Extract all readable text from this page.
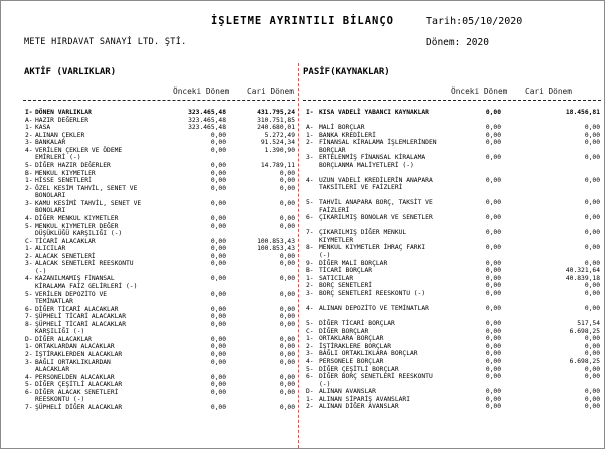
İŞLETME AYRINTILI BİLANÇO	Tarih:05/10/2020
METE HIRDAVAT SANAYİ LTD. ŞTİ.	Dönem: 2020
AKTİF (VARLIKLAR)	PASİF(KAYNAKLAR)
Önceki Dönem Cari Dönem	Önceki Dönem Cari Dönem
I- DÖNEN VARLIKLAR	323.465,48	431.795,24
A- HAZIR DEĞERLER	323.465,48	310.751,85
1- KASA	323.465,48	240.680,01
2- ALINAN ÇEKLER	0,00	5.272,49
3- BANKALAR	0,00	91.524,34
4- VERİLEN ÇEKLER VE ÖDEME EMİRLERİ (-)
0,00	1.390,90
5- DİĞER HAZIR DEĞERLER	0,00	14.789,11
B- MENKUL KIYMETLER	0,00	0,00
1- HİSSE SENETLERİ	0,00	0,00
2- ÖZEL KESİM TAHVİL, SENET VE BONOLARI
0,00	0,00
3- KAMU KESİMİ TAHVİL, SENET VE BONOLARI
0,00	0,00
4- DİĞER MENKUL KIYMETLER	0,00	0,00
5- MENKUL KIYMETLER DEĞER DÜŞÜKLÜĞÜ KARŞILIĞI (-)
0,00	0,00
C- TİCARİ ALACAKLAR	0,00	100.853,43
1- ALICILAR	0,00	100.853,43
2- ALACAK SENETLERİ	0,00	0,00
3- ALACAK SENETLERİ REESKONTU (-)
0,00	0,00
4- KAZANILMAMIŞ FİNANSAL KİRALAMA FAİZ GELİRLERİ (-)
0,00	0,00
5- VERİLEN DEPOZİTO VE TEMİNATLAR
0,00	0,00
6- DİĞER TİCARİ ALACAKLAR	0,00	0,00
7- ŞÜPHELİ TİCARİ ALACAKLAR	0,00	0,00
8- ŞÜPHELİ TİCARİ ALACAKLAR KARŞILIĞI (-)
0,00	0,00
D- DİĞER ALACAKLAR	0,00	0,00
1- ORTAKLARDAN ALACAKLAR	0,00	0,00
2- İŞTİRAKLERDEN ALACAKLAR	0,00	0,00
3- BAĞLI ORTAKLIKLARDAN ALACAKLAR
0,00	0,00
4- PERSONELDEN ALACAKLAR	0,00	0,00
5- DİĞER ÇEŞİTLİ ALACAKLAR	0,00	0,00
6- DİĞER ALACAK SENETLERİ REESKONTU (-)
0,00	0,00
7- ŞÜPHELİ DİĞER ALACAKLAR	0,00	0,00
I- KISA VADELİ YABANCI KAYNAKLAR	0,00	18.456,81
A- MALİ BORÇLAR	0,00	0,00
1- BANKA KREDİLERİ	0,00	0,00
2- FİNANSAL KİRALAMA İŞLEMLERİNDEN BORÇLAR
0,00	0,00
3- ERTELENMİŞ FİNANSAL KİRALAMA BORÇLANMA MALİYETLERİ (-)
0,00	0,00
4- UZUN VADELİ KREDİLERİN ANAPARA TAKSİTLERİ VE FAİZLERİ
0,00	0,00
5- TAHVİL ANAPARA BORÇ, TAKSİT VE FAİZLERİ
0,00	0,00
6- ÇIKARILMIŞ BONOLAR VE SENETLER	0,00	0,00
7- ÇIKARILMIŞ DİĞER MENKUL KIYMETLER
0,00	0,00
8- MENKUL KIYMETLER İHRAÇ FARKI (-)
0,00	0,00
9- DİĞER MALİ BORÇLAR	0,00	0,00
B- TİCARİ BORÇLAR	0,00	40.321,64
1- SATICILAR	0,00	40.839,18
2- BORÇ SENETLERİ	0,00	0,00
3- BORÇ SENETLERİ REESKONTU (-)	0,00	0,00
4- ALINAN DEPOZİTO VE TEMİNATLAR	0,00	0,00
5- DİĞER TİCARİ BORÇLAR	0,00	517,54
C- DİĞER BORÇLAR	0,00	6.698,25
1- ORTAKLARA BORÇLAR	0,00	0,00
2- İŞTİRAKLERE BORÇLAR	0,00	0,00
3- BAĞLI ORTAKLIKLARA BORÇLAR	0,00	0,00
4- PERSONELE BORÇLAR	0,00	6.698,25
5- DİĞER ÇEŞİTLİ BORÇLAR	0,00	0,00
6- DİĞER BORÇ SENETLERİ REESKONTU (-)
0,00	0,00
D- ALINAN AVANSLAR	0,00	0,00
1- ALINAN SİPARİŞ AVANSLARI	0,00	0,00
2- ALINAN DİĞER AVANSLAR	0,00	0,00
